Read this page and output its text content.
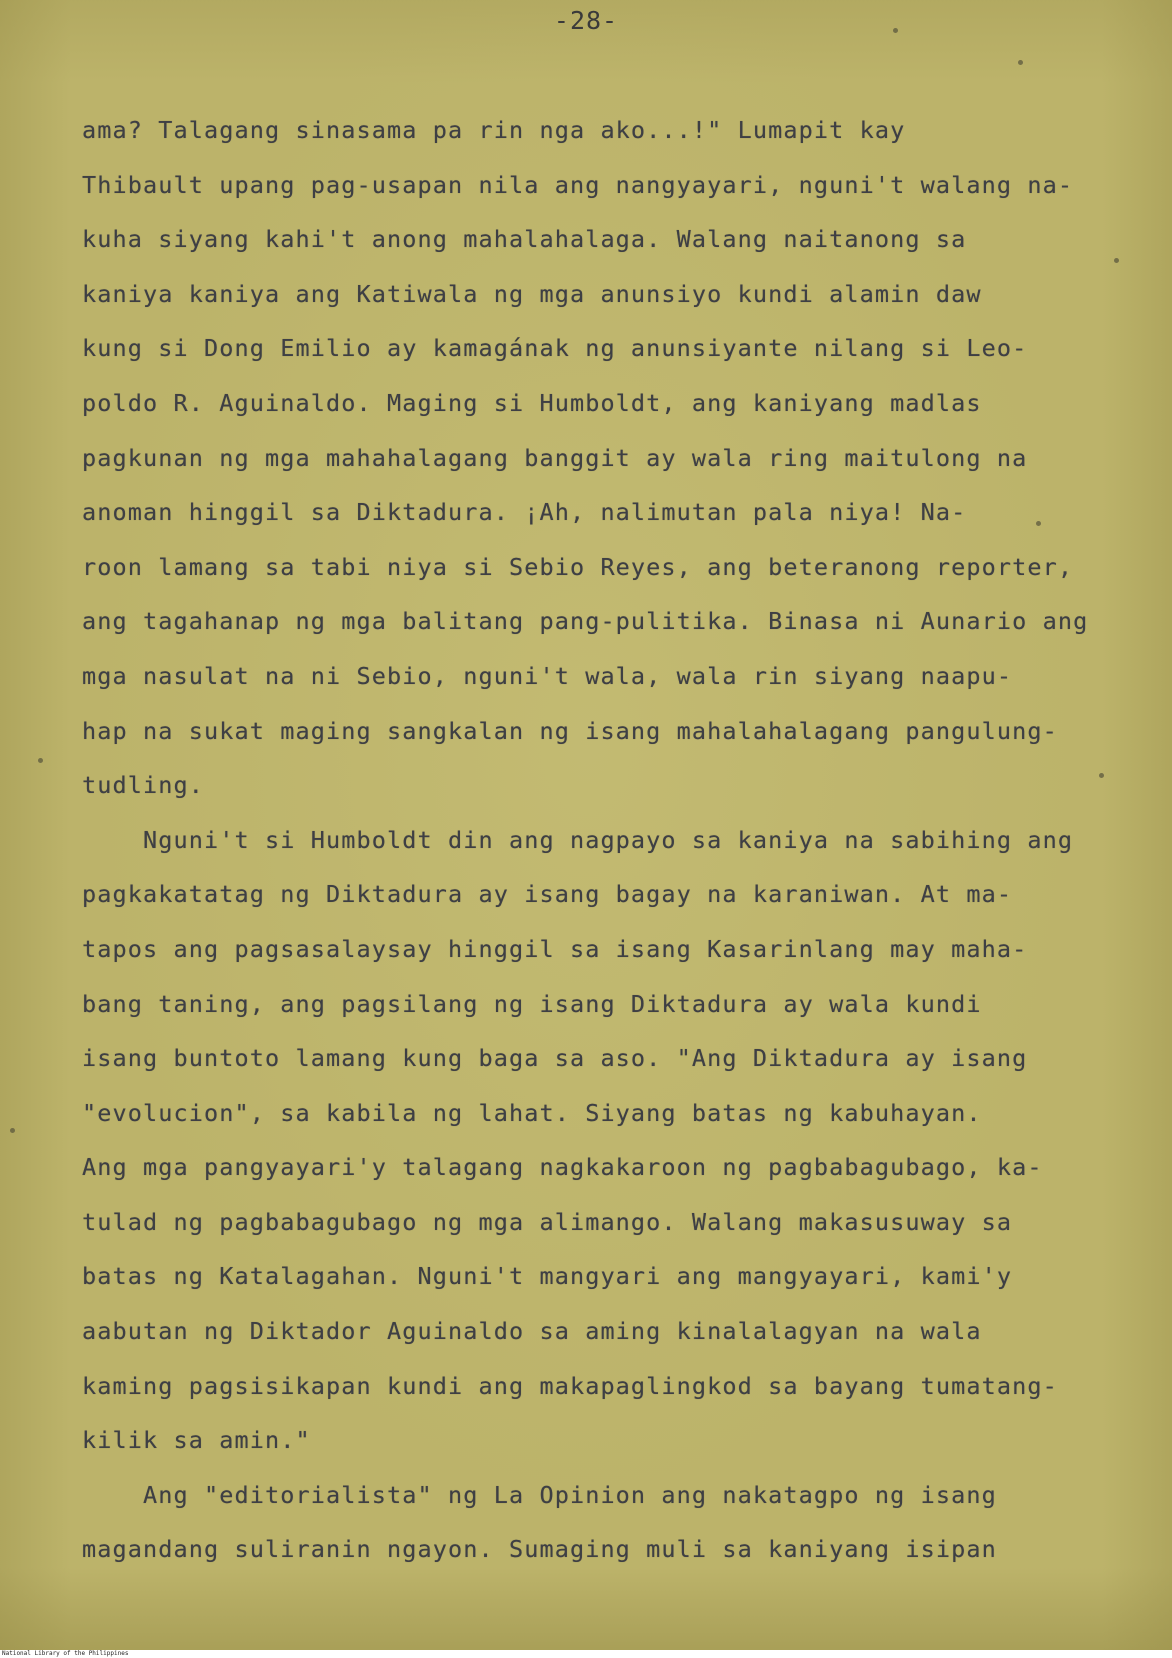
-28-
ama? Talagang sinasama pa rin nga ako...!" Lumapit kay
Thibault upang pag-usapan nila ang nangyayari, nguni't walang na-
kuha siyang kahi't anong mahalahalaga. Walang naitanong sa
kaniya kaniya ang Katiwala ng mga anunsiyo kundi alamin daw
kung si Dong Emilio ay kamagának ng anunsiyante nilang si Leo-
poldo R. Aguinaldo. Maging si Humboldt, ang kaniyang madlas
pagkunan ng mga mahahalagang banggit ay wala ring maitulong na
anoman hinggil sa Diktadura. ¡Ah, nalimutan pala niya! Na-
roon lamang sa tabi niya si Sebio Reyes, ang beteranong reporter,
ang tagahanap ng mga balitang pang-pulitika. Binasa ni Aunario ang
mga nasulat na ni Sebio, nguni't wala, wala rin siyang naapu-
hap na sukat maging sangkalan ng isang mahalahalagang pangulung-
tudling.
Nguni't si Humboldt din ang nagpayo sa kaniya na sabihing ang
pagkakatatag ng Diktadura ay isang bagay na karaniwan. At ma-
tapos ang pagsasalaysay hinggil sa isang Kasarinlang may maha-
bang taning, ang pagsilang ng isang Diktadura ay wala kundi
isang buntoto lamang kung baga sa aso. "Ang Diktadura ay isang
"evolucion", sa kabila ng lahat. Siyang batas ng kabuhayan.
Ang mga pangyayari'y talagang nagkakaroon ng pagbabagubago, ka-
tulad ng pagbabagubago ng mga alimango. Walang makasusuway sa
batas ng Katalagahan. Nguni't mangyari ang mangyayari, kami'y
aabutan ng Diktador Aguinaldo sa aming kinalalagyan na wala
kaming pagsisikapan kundi ang makapaglingkod sa bayang tumatang-
kilik sa amin."
Ang "editorialista" ng La Opinion ang nakatagpo ng isang
magandang suliranin ngayon. Sumaging muli sa kaniyang isipan
National Library of the Philippines
